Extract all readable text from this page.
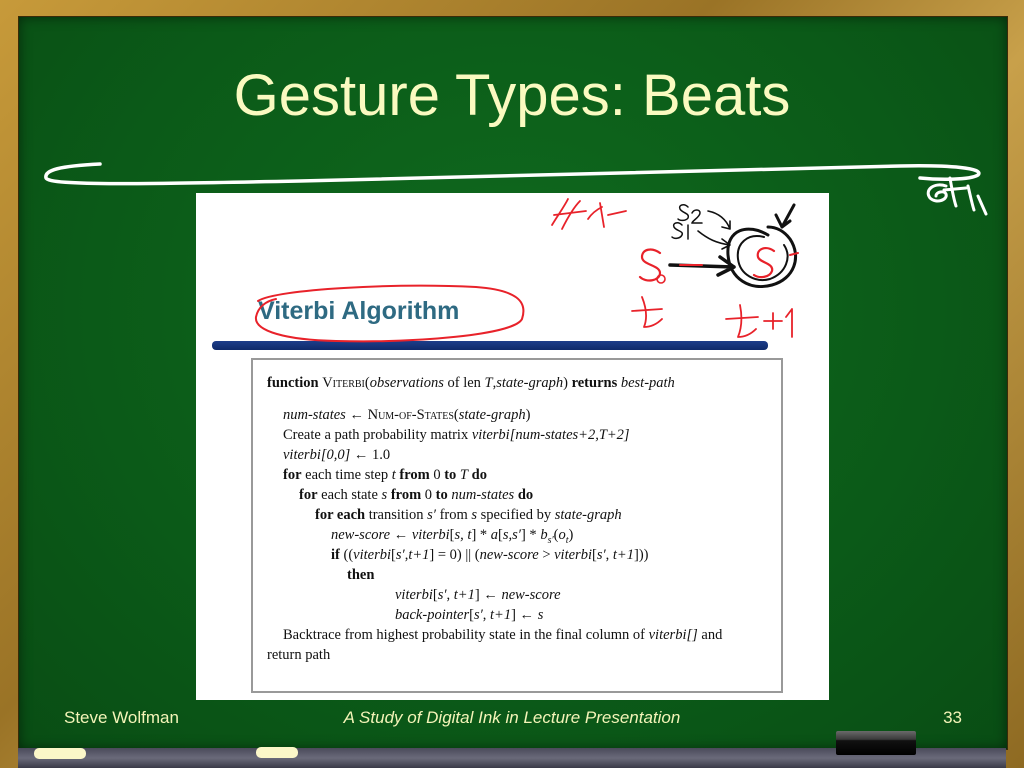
Gesture Types: Beats
Viterbi Algorithm
function Viterbi(observations of len T,state-graph) returns best-path
num-states ← Num-of-States(state-graph)
Create a path probability matrix viterbi[num-states+2,T+2]
viterbi[0,0] ← 1.0
for each time step t from 0 to T do
for each state s from 0 to num-states do
for each transition s′ from s specified by state-graph
new-score ← viterbi[s, $t] * a[s,s'] * b_{s'}(o_t)$
if ((viterbi[s′,t+1] = 0) || (new-score > viterbi[s′, t+1]))
then
viterbi[s′, t+1] ← new-score
back-pointer[s′, t+1] ← s
Backtrace from highest probability state in the final column of viterbi[] and
return path
Steve Wolfman	A Study of Digital Ink in Lecture Presentation	33
